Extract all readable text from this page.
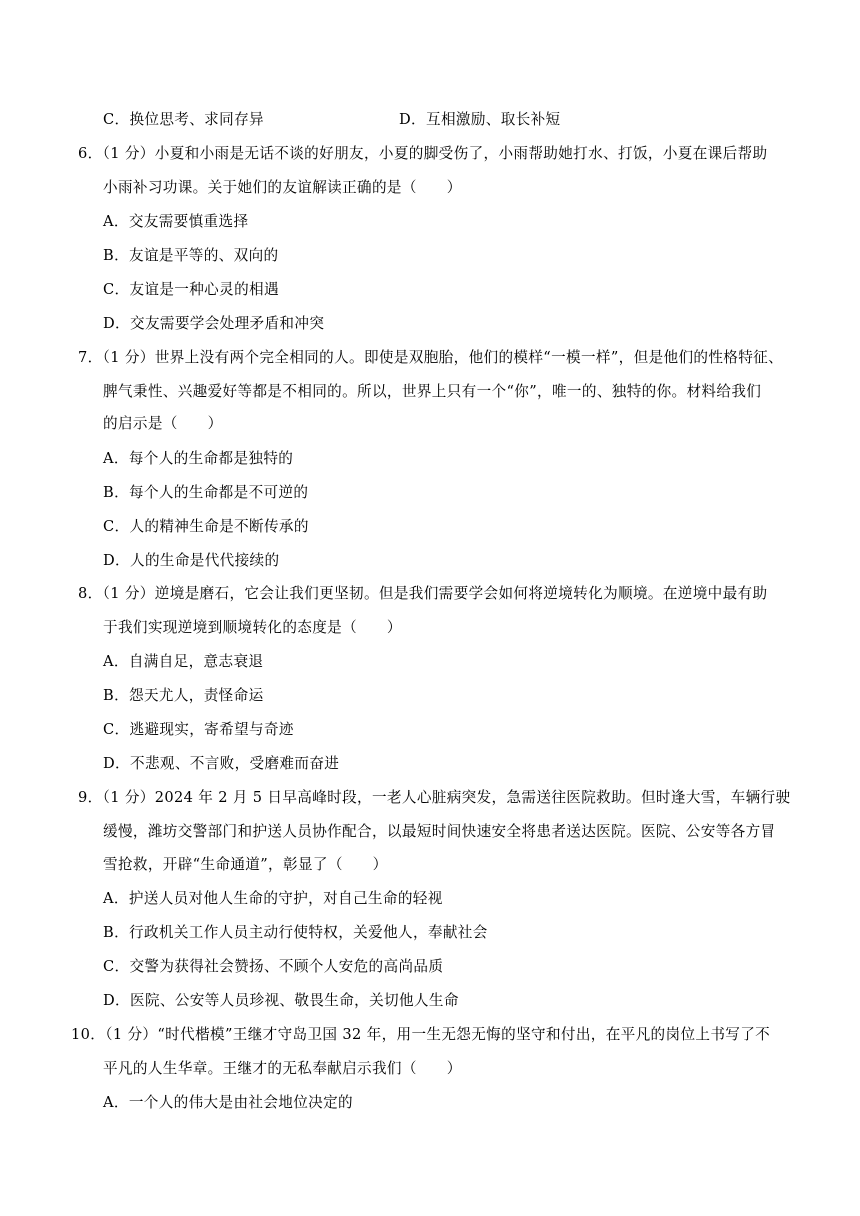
C．换位思考、求同存异	D．互相激励、取长补短
6．（1 分）小夏和小雨是无话不谈的好朋友，小夏的脚受伤了，小雨帮助她打水、打饭，小夏在课后帮助
小雨补习功课。关于她们的友谊解读正确的是（　　）
A．交友需要慎重选择
B．友谊是平等的、双向的
C．友谊是一种心灵的相遇
D．交友需要学会处理矛盾和冲突
7．（1 分）世界上没有两个完全相同的人。即使是双胞胎，他们的模样“一模一样”，但是他们的性格特征、
脾气秉性、兴趣爱好等都是不相同的。所以，世界上只有一个“你”，唯一的、独特的你。材料给我们
的启示是（　　）
A．每个人的生命都是独特的
B．每个人的生命都是不可逆的
C．人的精神生命是不断传承的
D．人的生命是代代接续的
8．（1 分）逆境是磨石，它会让我们更坚韧。但是我们需要学会如何将逆境转化为顺境。在逆境中最有助
于我们实现逆境到顺境转化的态度是（　　）
A．自满自足，意志衰退
B．怨天尤人，责怪命运
C．逃避现实，寄希望与奇迹
D．不悲观、不言败，受磨难而奋进
9．（1 分）2024 年 2 月 5 日早高峰时段，一老人心脏病突发，急需送往医院救助。但时逢大雪，车辆行驶
缓慢，潍坊交警部门和护送人员协作配合，以最短时间快速安全将患者送达医院。医院、公安等各方冒
雪抢救，开辟“生命通道”，彰显了（　　）
A．护送人员对他人生命的守护，对自己生命的轻视
B．行政机关工作人员主动行使特权，关爱他人，奉献社会
C．交警为获得社会赞扬、不顾个人安危的高尚品质
D．医院、公安等人员珍视、敬畏生命，关切他人生命
10．（1 分）“时代楷模”王继才守岛卫国 32 年，用一生无怨无悔的坚守和付出，在平凡的岗位上书写了不
平凡的人生华章。王继才的无私奉献启示我们（　　）
A．一个人的伟大是由社会地位决定的
